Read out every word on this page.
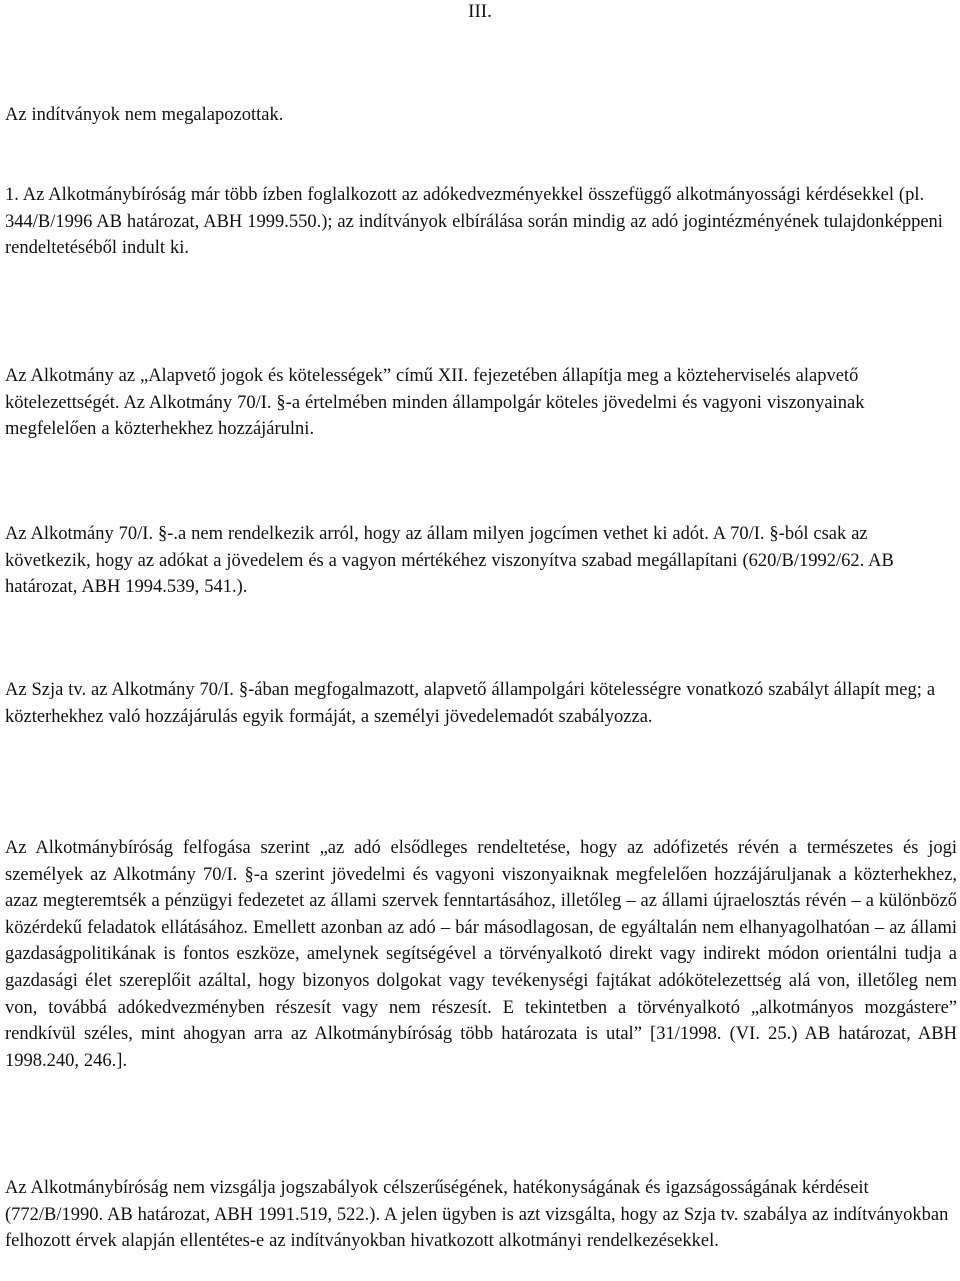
III.

Az indítványok nem megalapozottak.

1. Az Alkotmánybíróság már több ízben foglalkozott az adókedvezményekkel összefüggő alkotmányossági kérdésekkel (pl. 344/B/1996 AB határozat, ABH 1999.550.); az indítványok elbírálása során mindig az adó jogintézményének tulajdonképpeni rendeltetéséből indult ki.

Az Alkotmány az „Alapvető jogok és kötelességek” című XII. fejezetében állapítja meg a közteherviselés alapvető kötelezettségét. Az Alkotmány 70/I. §-a értelmében minden állampolgár köteles jövedelmi és vagyoni viszonyainak megfelelően a közterhekhez hozzájárulni.

Az Alkotmány 70/I. §-.a nem rendelkezik arról, hogy az állam milyen jogcímen vethet ki adót. A 70/I. §-ból csak az következik, hogy az adókat a jövedelem és a vagyon mértékéhez viszonyítva szabad megállapítani (620/B/1992/62. AB határozat, ABH 1994.539, 541.).

Az Szja tv. az Alkotmány 70/I. §-ában megfogalmazott, alapvető állampolgári kötelességre vonatkozó szabályt állapít meg; a közterhekhez való hozzájárulás egyik formáját, a személyi jövedelemadót szabályozza.

Az Alkotmánybíróság felfogása szerint „az adó elsődleges rendeltetése, hogy az adófizetés révén a természetes és jogi személyek az Alkotmány 70/I. §-a szerint jövedelmi és vagyoni viszonyaiknak megfelelően hozzájáruljanak a közterhekhez, azaz megteremtsék a pénzügyi fedezetet az állami szervek fenntartásához, illetőleg – az állami újraelosztás révén – a különböző közérdekű feladatok ellátásához. Emellett azonban az adó – bár másodlagosan, de egyáltalán nem elhanyagolhatóan – az állami gazdaságpolitikának is fontos eszköze, amelynek segítségével a törvényalkotó direkt vagy indirekt módon orientálni tudja a gazdasági élet szereplőit azáltal, hogy bizonyos dolgokat vagy tevékenységi fajtákat adókötelezettség alá von, illetőleg nem von, továbbá adókedvezményben részesít vagy nem részesít. E tekintetben a törvényalkotó „alkotmányos mozgástere” rendkívül széles, mint ahogyan arra az Alkotmánybíróság több határozata is utal” [31/1998. (VI. 25.) AB határozat, ABH 1998.240, 246.].

Az Alkotmánybíróság nem vizsgálja jogszabályok célszerűségének, hatékonyságának és igazságosságának kérdéseit (772/B/1990. AB határozat, ABH 1991.519, 522.). A jelen ügyben is azt vizsgálta, hogy az Szja tv. szabálya az indítványokban felhozott érvek alapján ellentétes-e az indítványokban hivatkozott alkotmányi rendelkezésekkel.
